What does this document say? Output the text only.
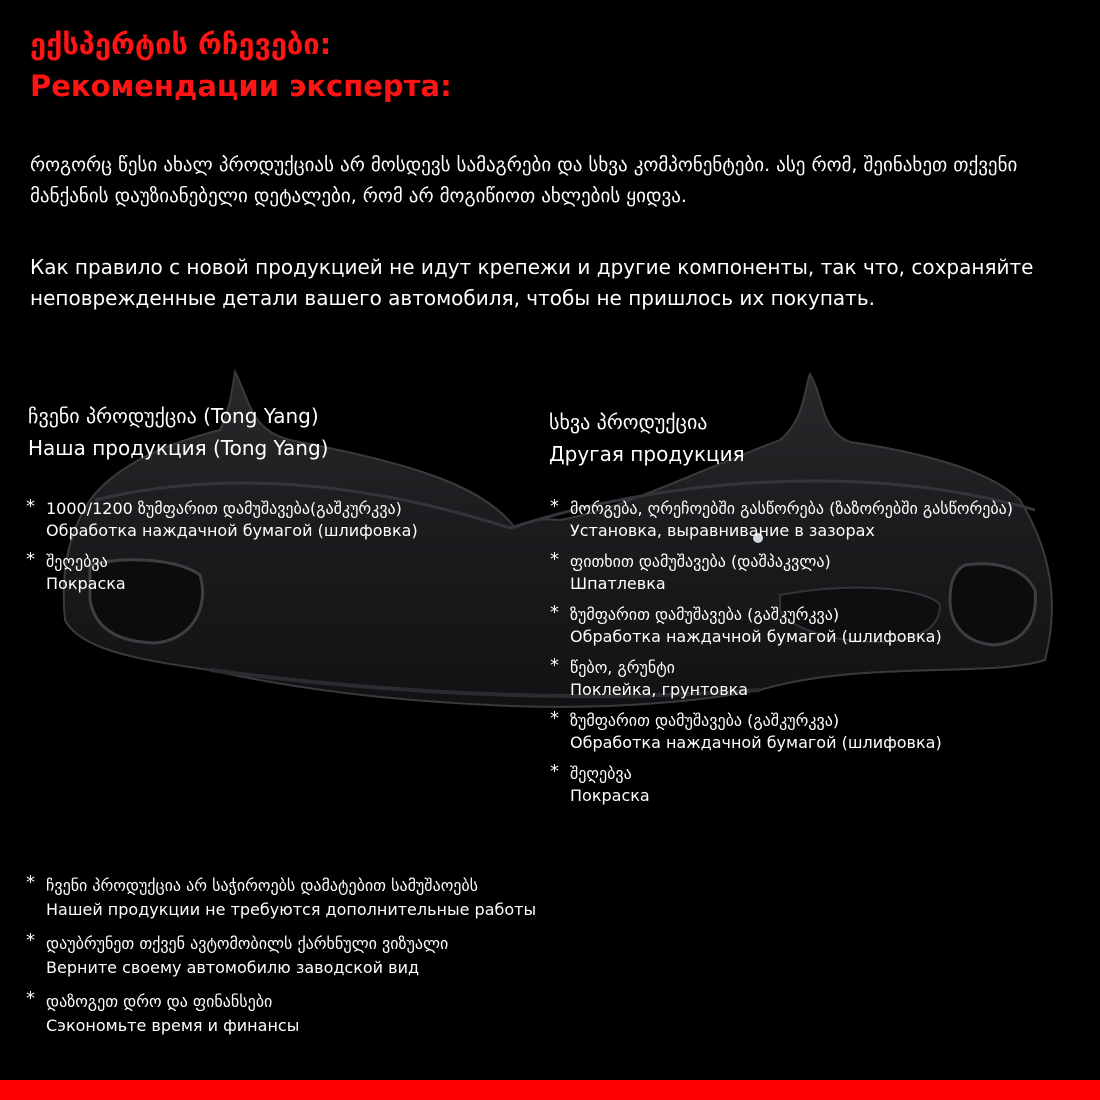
ექსპერტის რჩევები:
Рекомендации эксперта:

როგორც წესი ახალ პროდუქციას არ მოსდევს სამაგრები და სხვა კომპონენტები. ასე რომ, შეინახეთ თქვენი მანქანის დაუზიანებელი დეტალები, რომ არ მოგიწიოთ ახლების ყიდვა.

Как правило с новой продукцией не идут крепежи и другие компоненты, так что, сохраняйте неповрежденные детали вашего автомобиля, чтобы не пришлось их покупать.

ჩვენი პროდუქცია (Tong Yang)
Наша продукция (Tong Yang)
სხვა პროდუქცია
Другая продукция
* 1000/1200 ზუმფარით დამუშავება(გაშკურკვა)
Обработка наждачной бумагой (шлифовка)
* შეღებვა
Покраска
* მორგება, ღრეჩოებში გასწორება (ზაზორებში გასწორება)
Установка, выравнивание в зазорах
* ფითხით დამუშავება (დაშპაკვლა)
Шпатлевка
* ზუმფარით დამუშავება (გაშკურკვა)
Обработка наждачной бумагой (шлифовка)
* წებო, გრუნტი
Поклейка, грунтовка
* ზუმფარით დამუშავება (გაშკურკვა)
Обработка наждачной бумагой (шлифовка)
* შეღებვა
Покраска
* ჩვენი პროდუქცია არ საჭიროებს დამატებით სამუშაოებს
Нашей продукции не требуются дополнительные работы
* დაუბრუნეთ თქვენ ავტომობილს ქარხნული ვიზუალი
Верните своему автомобилю заводской вид
* დაზოგეთ დრო და ფინანსები
Сэкономьте время и финансы
